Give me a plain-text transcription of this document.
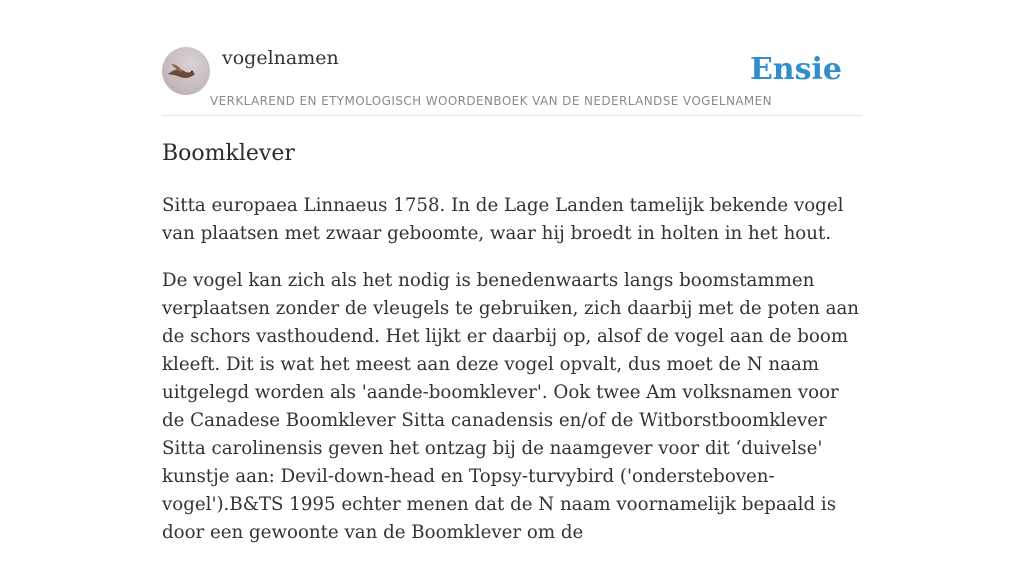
vogelnamen	Ensie
VERKLAREND EN ETYMOLOGISCH WOORDENBOEK VAN DE NEDERLANDSE VOGELNAMEN
Boomklever

Sitta europaea Linnaeus 1758. In de Lage Landen tamelijk bekende vogel van plaatsen met zwaar geboomte, waar hij broedt in holten in het hout.

De vogel kan zich als het nodig is benedenwaarts langs boomstammen verplaatsen zonder de vleugels te gebruiken, zich daarbij met de poten aan de schors vasthoudend. Het lijkt er daarbij op, alsof de vogel aan de boom kleeft. Dit is wat het meest aan deze vogel opvalt, dus moet de N naam uitgelegd worden als 'aande-boomklever'. Ook twee Am volksnamen voor de Canadese Boomklever Sitta canadensis en/of de Witborstboomklever Sitta carolinensis geven het ontzag bij de naamgever voor dit ‘duivelse' kunstje aan: Devil-down-head en Topsy-turvybird ('ondersteboven-vogel').B&TS 1995 echter menen dat de N naam voornamelijk bepaald is door een gewoonte van de Boomklever om de
